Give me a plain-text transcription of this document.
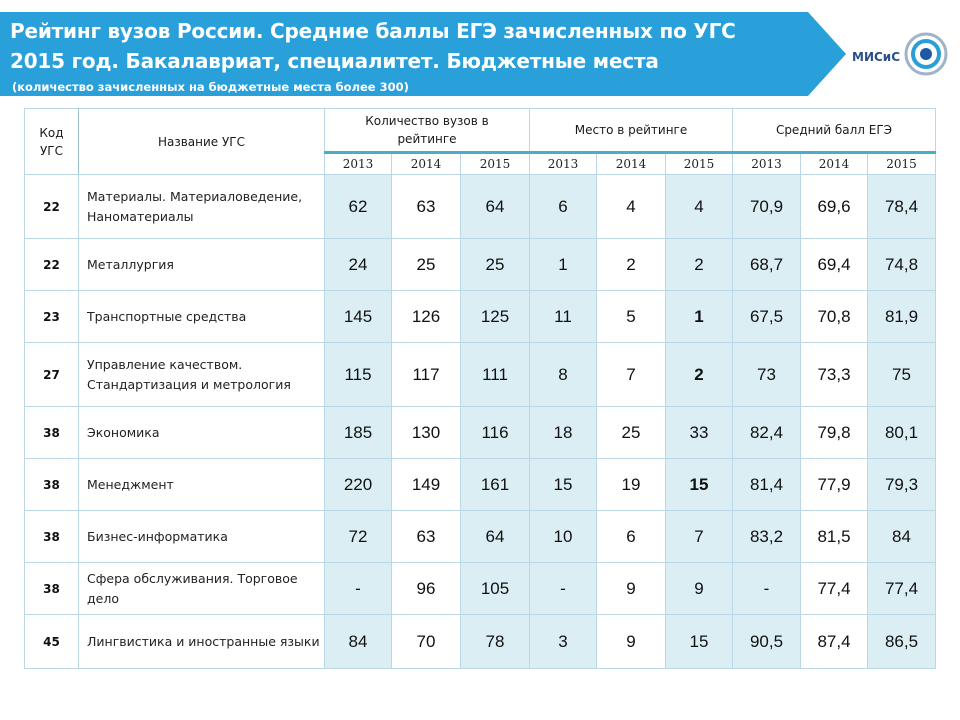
Рейтинг вузов России. Средние баллы ЕГЭ зачисленных по УГС
2015 год. Бакалавриат, специалитет. Бюджетные места
(количество зачисленных на бюджетные места более 300)
МИСиС
Код УГС	Название УГС	Количество вузов в рейтинге			Место в рейтинге			Средний балл ЕГЭ		
		2013	2014	2015	2013	2014	2015	2013	2014	2015
22	Материалы. Материаловедение, Наноматериалы	62	63	64	6	4	4	70,9	69,6	78,4
22	Металлургия	24	25	25	1	2	2	68,7	69,4	74,8
23	Транспортные средства	145	126	125	11	5	1	67,5	70,8	81,9
27	Управление качеством. Стандартизация и метрология	115	117	111	8	7	2	73	73,3	75
38	Экономика	185	130	116	18	25	33	82,4	79,8	80,1
38	Менеджмент	220	149	161	15	19	15	81,4	77,9	79,3
38	Бизнес-информатика	72	63	64	10	6	7	83,2	81,5	84
38	Сфера обслуживания. Торговое дело	-	96	105	-	9	9	-	77,4	77,4
45	Лингвистика и иностранные языки	84	70	78	3	9	15	90,5	87,4	86,5
